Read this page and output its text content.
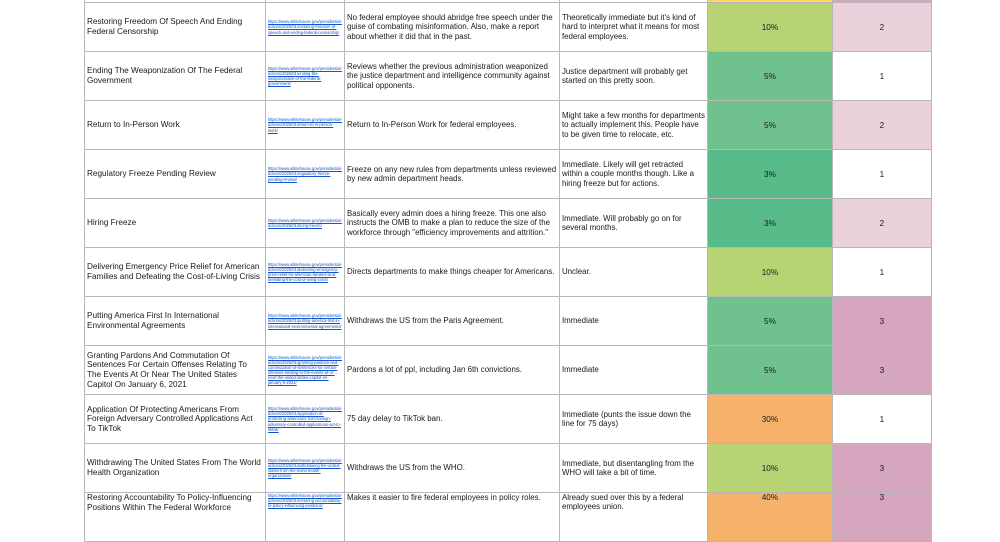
Restoring Freedom Of Speech And Ending Federal Censorship	https://www.whitehouse.gov/presidential-actions/2025/01/restoring-freedom-of-speech-and-ending-federal-censorship/	No federal employee should abridge free speech under the guise of combating misinformation. Also, make a report about whether it did that in the past.	Theoretically immediate but it's kind of hard to interpret what it means for most federal employees.	10%	2
Ending The Weaponization Of The Federal Government	https://www.whitehouse.gov/presidential-actions/2025/01/ending-the-weaponization-of-the-federal-government/	Reviews whether the previous administration weaponized the justice department and intelligence community against political opponents.	Justice department will probably get started on this pretty soon.	5%	1
Return to In-Person Work	https://www.whitehouse.gov/presidential-actions/2025/01/return-to-in-person-work/	Return to In-Person Work for federal employees.	Might take a few months for departments to actually implement this. People have to be given time to relocate, etc.	5%	2
Regulatory Freeze Pending Review	https://www.whitehouse.gov/presidential-actions/2025/01/regulatory-freeze-pending-review/	Freeze on any new rules from departments unless reviewed by new admin department heads.	Immediate. Likely will get retracted within a couple months though. Like a hiring freeze but for actions.	3%	1
Hiring Freeze	https://www.whitehouse.gov/presidential-actions/2025/01/hiring-freeze/	Basically every admin does a hiring freeze. This one also instructs the OMB to make a plan to reduce the size of the workforce through "efficiency improvements and attrition."	Immediate. Will probably go on for several months.	3%	2
Delivering Emergency Price Relief for American Families and Defeating the Cost-of-Living Crisis	https://www.whitehouse.gov/presidential-actions/2025/01/delivering-emergency-price-relief-for-american-families-and-defeating-the-cost-of-living-crisis/	Directs departments to make things cheaper for Americans.	Unclear.	10%	1
Putting America First In International Environmental Agreements	https://www.whitehouse.gov/presidential-actions/2025/01/putting-america-first-in-international-environmental-agreements/	Withdraws the US from the Paris Agreement.	Immediate	5%	3
Granting Pardons And Commutation Of Sentences For Certain Offenses Relating To The Events At Or Near The United States Capitol On January 6, 2021	https://www.whitehouse.gov/presidential-actions/2025/01/granting-pardons-and-commutation-of-sentences-for-certain-offenses-relating-to-the-events-at-or-near-the-united-states-capitol-on-january-6-2021/	Pardons a lot of ppl, including Jan 6th convictions.	Immediate	5%	3
Application Of Protecting Americans From Foreign Adversary Controlled Applications Act To TikTok	https://www.whitehouse.gov/presidential-actions/2025/01/application-of-protecting-americans-from-foreign-adversary-controlled-applications-act-to-tiktok/	75 day delay to TikTok ban.	Immediate (punts the issue down the line for 75 days)	30%	1
Withdrawing The United States From The World Health Organization	https://www.whitehouse.gov/presidential-actions/2025/01/withdrawing-the-united-states-from-the-world-health-organization/	Withdraws the US from the WHO.	Immediate, but disentangling from the WHO will take a bit of time.	10%	3
Restoring Accountability To Policy-Influencing Positions Within The Federal Workforce	https://www.whitehouse.gov/presidential-actions/2025/01/restoring-accountability-to-policy-influencing-positions/	Makes it easier to fire federal employees in policy roles.	Already sued over this by a federal employees union.	40%	3
